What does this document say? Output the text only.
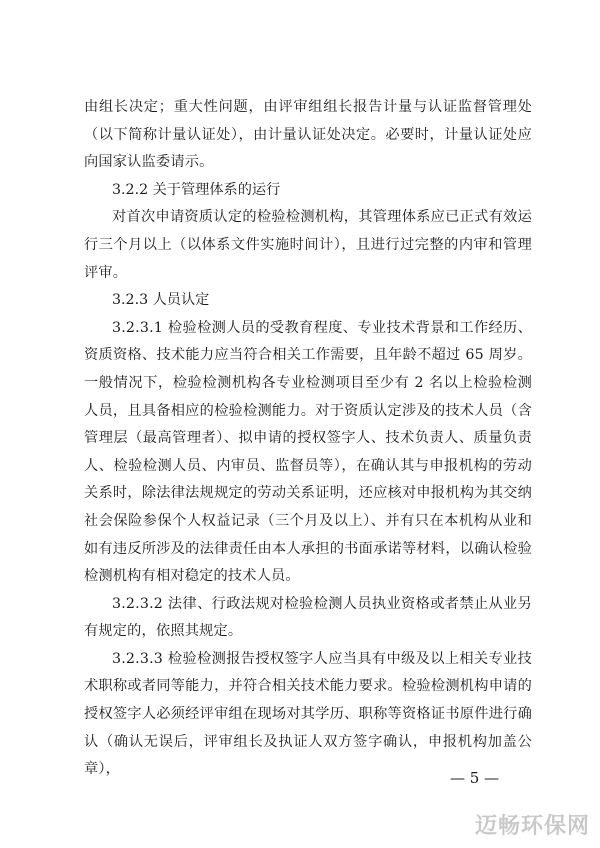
由组长决定；重大性问题，由评审组组长报告计量与认证监督管理处（以下简称计量认证处），由计量认证处决定。必要时，计量认证处应向国家认监委请示。

3.2.2 关于管理体系的运行

对首次申请资质认定的检验检测机构，其管理体系应已正式有效运行三个月以上（以体系文件实施时间计），且进行过完整的内审和管理评审。

3.2.3 人员认定

3.2.3.1 检验检测人员的受教育程度、专业技术背景和工作经历、资质资格、技术能力应当符合相关工作需要，且年龄不超过 65 周岁。一般情况下，检验检测机构各专业检测项目至少有 2 名以上检验检测人员，且具备相应的检验检测能力。对于资质认定涉及的技术人员（含管理层（最高管理者）、拟申请的授权签字人、技术负责人、质量负责人、检验检测人员、内审员、监督员等），在确认其与申报机构的劳动关系时，除法律法规规定的劳动关系证明，还应核对申报机构为其交纳社会保险参保个人权益记录（三个月及以上）、并有只在本机构从业和如有违反所涉及的法律责任由本人承担的书面承诺等材料，以确认检验检测机构有相对稳定的技术人员。

3.2.3.2 法律、行政法规对检验检测人员执业资格或者禁止从业另有规定的，依照其规定。

3.2.3.3 检验检测报告授权签字人应当具有中级及以上相关专业技术职称或者同等能力，并符合相关技术能力要求。检验检测机构申请的授权签字人必须经评审组在现场对其学历、职称等资格证书原件进行确认（确认无误后，评审组长及执证人双方签字确认，申报机构加盖公章），	— 5 —
迈畅环保网
